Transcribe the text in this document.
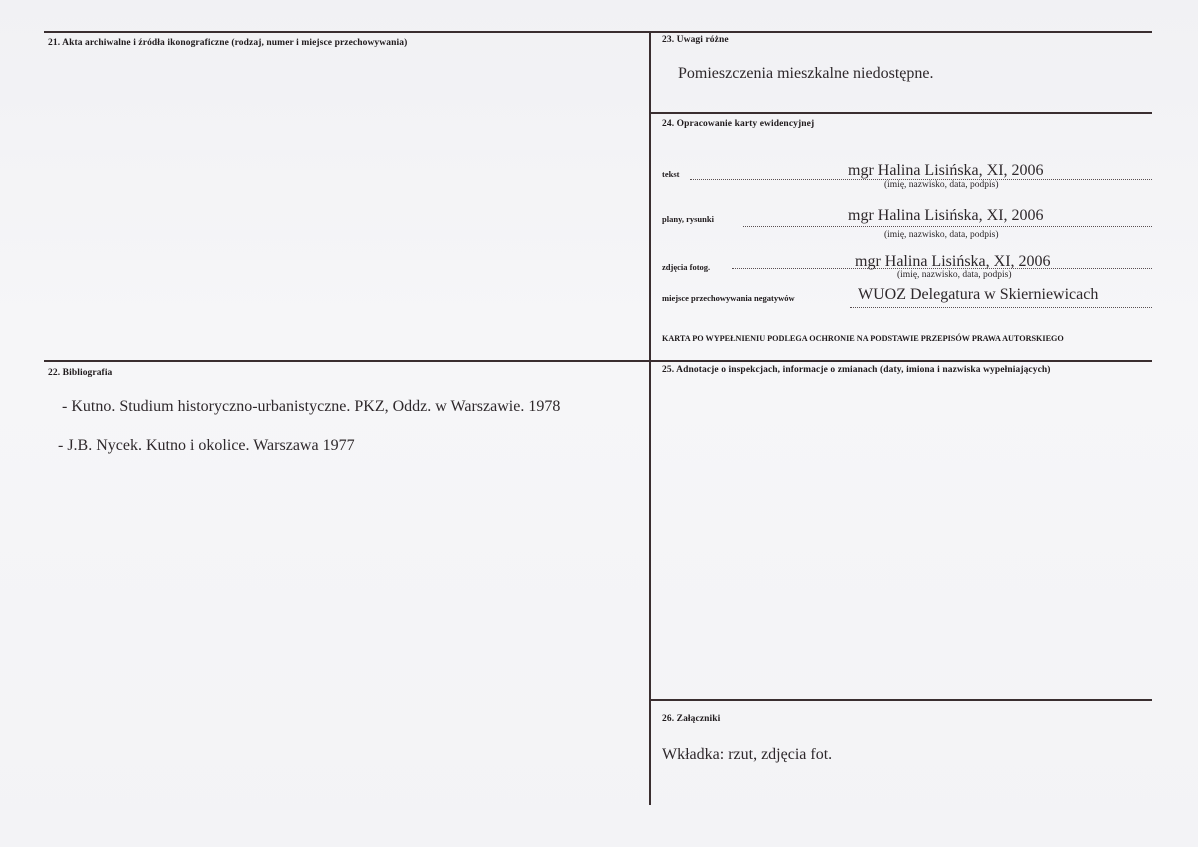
21. Akta archiwalne i źródła ikonograficzne (rodzaj, numer i miejsce przechowywania)
22. Bibliografia
- Kutno. Studium historyczno-urbanistyczne. PKZ, Oddz. w Warszawie. 1978
- J.B. Nycek. Kutno i okolice. Warszawa 1977
23. Uwagi różne
Pomieszczenia mieszkalne niedostępne.
24. Opracowanie karty ewidencyjnej
tekst	mgr Halina Lisińska, XI, 2006
(imię, nazwisko, data, podpis)
plany, rysunki	mgr Halina Lisińska, XI, 2006
(imię, nazwisko, data, podpis)
zdjęcia fotog.	mgr Halina Lisińska, XI, 2006
(imię, nazwisko, data, podpis)
miejsce przechowywania negatywów	WUOZ Delegatura w Skierniewicach
KARTA PO WYPEŁNIENIU PODLEGA OCHRONIE NA PODSTAWIE PRZEPISÓW PRAWA AUTORSKIEGO
25. Adnotacje o inspekcjach, informacje o zmianach (daty, imiona i nazwiska wypełniających)
26. Załączniki
Wkładka: rzut, zdjęcia fot.
